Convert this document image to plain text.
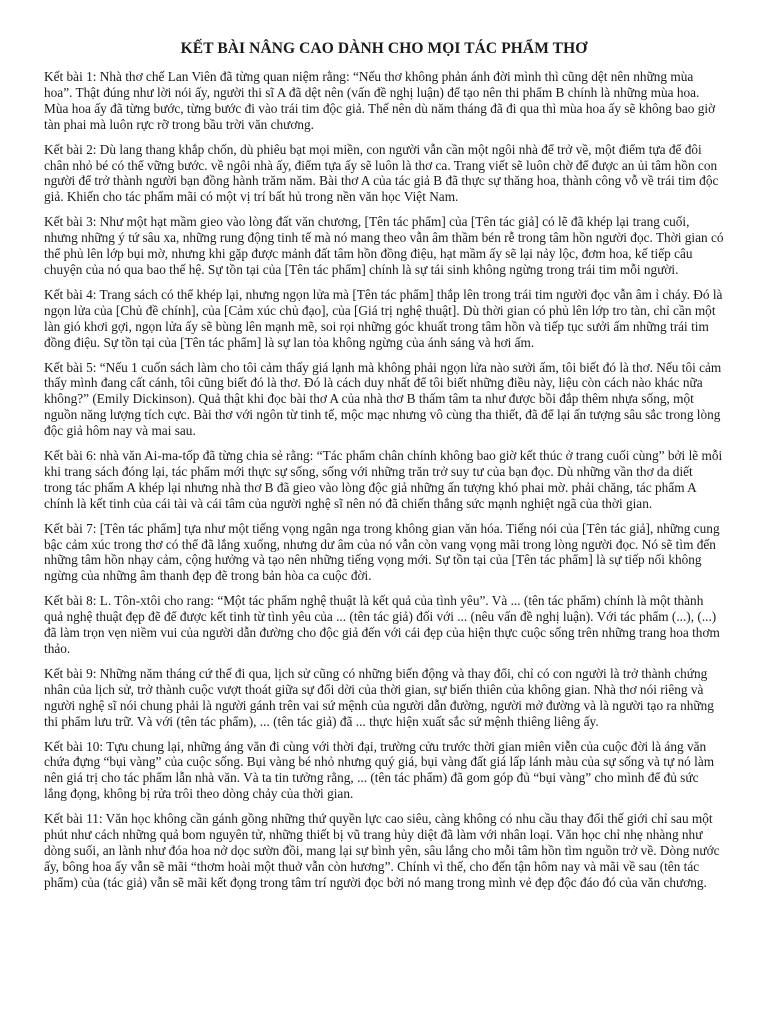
KẾT BÀI NÂNG CAO DÀNH CHO MỌI TÁC PHẨM THƠ

Kết bài 1: Nhà thơ chế Lan Viên đã từng quan niệm rằng: “Nếu thơ không phản ánh đời mình thì cũng dệt nên những mùa hoa”. Thật đúng như lời nói ấy, người thi sĩ A đã dệt nên (vấn đề nghị luận) để tạo nên thi phẩm B chính là những mùa hoa. Mùa hoa ấy đã từng bước, từng bước đi vào trái tim độc giả. Thế nên dù năm tháng đã đi qua thì mùa hoa ấy sẽ không bao giờ tàn phai mà luôn rực rỡ trong bầu trời văn chương.

Kết bài 2: Dù lang thang khắp chốn, dù phiêu bạt mọi miền, con người vẫn cần một ngôi nhà để trở về, một điểm tựa để đôi chân nhỏ bé có thể vững bước. về ngôi nhà ấy, điểm tựa ấy sẽ luôn là thơ ca. Trang viết sẽ luôn chờ để được an ủi tâm hồn con người để trở thành người bạn đồng hành trăm năm. Bài thơ A của tác giả B đã thực sự thăng hoa, thành công vỗ về trái tim độc giả. Khiến cho tác phẩm mãi có một vị trí bất hủ trong nền văn học Việt Nam.

Kết bài 3: Như một hạt mầm gieo vào lòng đất văn chương, [Tên tác phẩm] của [Tên tác giả] có lẽ đã khép lại trang cuối, nhưng những ý tứ sâu xa, những rung động tinh tế mà nó mang theo vẫn âm thầm bén rễ trong tâm hồn người đọc. Thời gian có thể phủ lên lớp bụi mờ, nhưng khi gặp được mảnh đất tâm hồn đồng điệu, hạt mầm ấy sẽ lại nảy lộc, đơm hoa, kế tiếp câu chuyện của nó qua bao thế hệ. Sự tồn tại của [Tên tác phẩm] chính là sự tái sinh không ngừng trong trái tim mỗi người.

Kết bài 4: Trang sách có thể khép lại, nhưng ngọn lửa mà [Tên tác phẩm] thắp lên trong trái tim người đọc vẫn âm ỉ cháy. Đó là ngọn lửa của [Chủ đề chính], của [Cảm xúc chủ đạo], của [Giá trị nghệ thuật]. Dù thời gian có phủ lên lớp tro tàn, chỉ cần một làn gió khơi gợi, ngọn lửa ấy sẽ bùng lên mạnh mẽ, soi rọi những góc khuất trong tâm hồn và tiếp tục sưởi ấm những trái tim đồng điệu. Sự tồn tại của [Tên tác phẩm] là sự lan tỏa không ngừng của ánh sáng và hơi ấm.

Kết bài 5: “Nếu 1 cuốn sách làm cho tôi cảm thấy giá lạnh mà không phải ngọn lửa nào sưởi ấm, tôi biết đó là thơ. Nếu tôi cảm thấy mình đang cất cánh, tôi cũng biết đó là thơ. Đó là cách duy nhất để tôi biết những điều này, liệu còn cách nào khác nữa không?” (Emily Dickinson). Quả thật khi đọc bài thơ A của nhà thơ B thấm tâm ta như được bồi đắp thêm nhựa sống, một nguồn năng lượng tích cực. Bài thơ với ngôn từ tinh tế, mộc mạc nhưng vô cùng tha thiết, đã để lại ấn tượng sâu sắc trong lòng độc giả hôm nay và mai sau.

Kết bài 6: nhà văn Ai-ma-tốp đã từng chia sẻ rằng: “Tác phẩm chân chính không bao giờ kết thúc ở trang cuối cùng” bởi lẽ mỗi khi trang sách đóng lại, tác phẩm mới thực sự sống, sống với những trăn trở suy tư của bạn đọc. Dù những vần thơ da diết trong tác phẩm A khép lại nhưng nhà thơ B đã gieo vào lòng độc giả những ấn tượng khó phai mờ. phải chăng, tác phẩm A chính là kết tinh của cái tài và cái tâm của người nghệ sĩ nên nó đã chiến thắng sức mạnh nghiệt ngã của thời gian.

Kết bài 7: [Tên tác phẩm] tựa như một tiếng vọng ngân nga trong không gian văn hóa. Tiếng nói của [Tên tác giả], những cung bậc cảm xúc trong thơ có thể đã lắng xuống, nhưng dư âm của nó vẫn còn vang vọng mãi trong lòng người đọc. Nó sẽ tìm đến những tâm hồn nhạy cảm, cộng hưởng và tạo nên những tiếng vọng mới. Sự tồn tại của [Tên tác phẩm] là sự tiếp nối không ngừng của những âm thanh đẹp đẽ trong bản hòa ca cuộc đời.

Kết bài 8: L. Tôn-xtôi cho rang: “Một tác phẩm nghệ thuật là kết quả của tình yêu”. Và ... (tên tác phẩm) chính là một thành quả nghệ thuật đẹp đẽ để được kết tinh từ tình yêu của ... (tên tác giả) đối với ... (nêu vấn đề nghị luận). Với tác phẩm (...), (...) đã làm trọn vẹn niềm vui của người dẫn đường cho độc giả đến với cái đẹp của hiện thực cuộc sống trên những trang hoa thơm thảo.

Kết bài 9: Những năm tháng cứ thế đi qua, lịch sử cũng có những biến động và thay đổi, chỉ có con người là trở thành chứng nhân của lịch sử, trở thành cuộc vượt thoát giữa sự đổi dời của thời gian, sự biến thiên của không gian. Nhà thơ nói riêng và người nghệ sĩ nói chung phải là người gánh trên vai sứ mệnh của người dẫn đường, người mở đường và là người tạo ra những thi phẩm lưu trữ. Và với (tên tác phẩm), ... (tên tác giả) đã ... thực hiện xuất sắc sứ mệnh thiêng liêng ấy.

Kết bài 10: Tựu chung lại, những áng văn đi cùng với thời đại, trường cửu trước thời gian miên viễn của cuộc đời là áng văn chứa đựng “bụi vàng” của cuộc sống. Bụi vàng bé nhỏ nhưng quý giá, bụi vàng đất giá lấp lánh màu của sự sống và tự nó làm nên giá trị cho tác phẩm lẫn nhà văn. Và ta tin tưởng rằng, ... (tên tác phẩm) đã gom góp đủ “bụi vàng” cho mình để đủ sức lắng đọng, không bị rửa trôi theo dòng chảy của thời gian.

Kết bài 11: Văn học không cần gánh gồng những thứ quyền lực cao siêu, càng không có nhu cầu thay đổi thế giới chỉ sau một phút như cách những quả bom nguyên tử, những thiết bị vũ trang hủy diệt đã làm với nhân loại. Văn học chỉ nhẹ nhàng như dòng suối, an lành như đóa hoa nở dọc sườn đồi, mang lại sự bình yên, sâu lắng cho mỗi tâm hồn tìm nguồn trở về. Dòng nước ấy, bông hoa ấy vẫn sẽ mãi “thơm hoài một thuở vẫn còn hương”. Chính vì thế, cho đến tận hôm nay và mãi về sau (tên tác phẩm) của (tác giả) vẫn sẽ mãi kết đọng trong tâm trí người đọc bởi nó mang trong mình vẻ đẹp độc đáo đó của văn chương.
